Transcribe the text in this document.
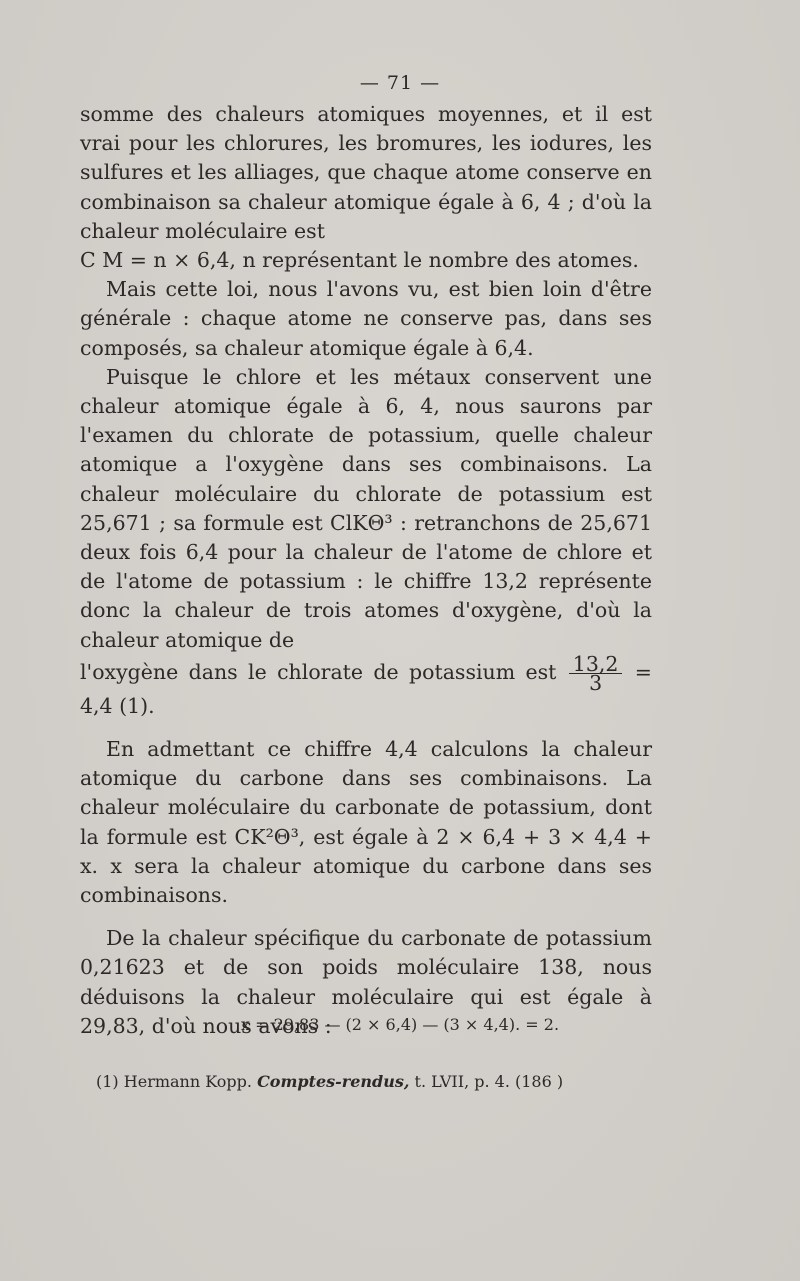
— 71 —

somme des chaleurs atomiques moyennes, et il est vrai pour les chlorures, les bromures, les iodures, les sulfures et les alliages, que chaque atome conserve en combinaison sa chaleur atomique égale à 6, 4 ; d'où la chaleur moléculaire est

C M = n × 6,4, n représentant le nombre des atomes.

Mais cette loi, nous l'avons vu, est bien loin d'être générale : chaque atome ne conserve pas, dans ses composés, sa chaleur atomique égale à 6,4.

Puisque le chlore et les métaux conservent une chaleur atomique égale à 6, 4, nous saurons par l'examen du chlorate de potassium, quelle chaleur atomique a l'oxygène dans ses combinaisons. La chaleur moléculaire du chlorate de potassium est 25,671 ; sa formule est ClKΘ³ : retranchons de 25,671 deux fois 6,4 pour la chaleur de l'atome de chlore et de l'atome de potassium : le chiffre 13,2 représente donc la chaleur de trois atomes d'oxygène, d'où la chaleur atomique de

l'oxygène dans le chlorate de potassium est $\frac{13,2}{3} = 4,4$ (1).

En admettant ce chiffre 4,4 calculons la chaleur atomique du carbone dans ses combinaisons. La chaleur moléculaire du carbonate de potassium, dont la formule est CK²Θ³, est égale à 2 × 6,4 + 3 × 4,4 + x. x sera la chaleur atomique du carbone dans ses combinaisons.

De la chaleur spécifique du carbonate de potassium 0,21623 et de son poids moléculaire 138, nous déduisons la chaleur moléculaire qui est égale à 29,83, d'où nous avons :

x = 29,83 — (2 × 6,4) — (3 × 4,4). = 2.
(1) Hermann Kopp. Comptes-rendus, t. LVII, p. 4. (186 )
